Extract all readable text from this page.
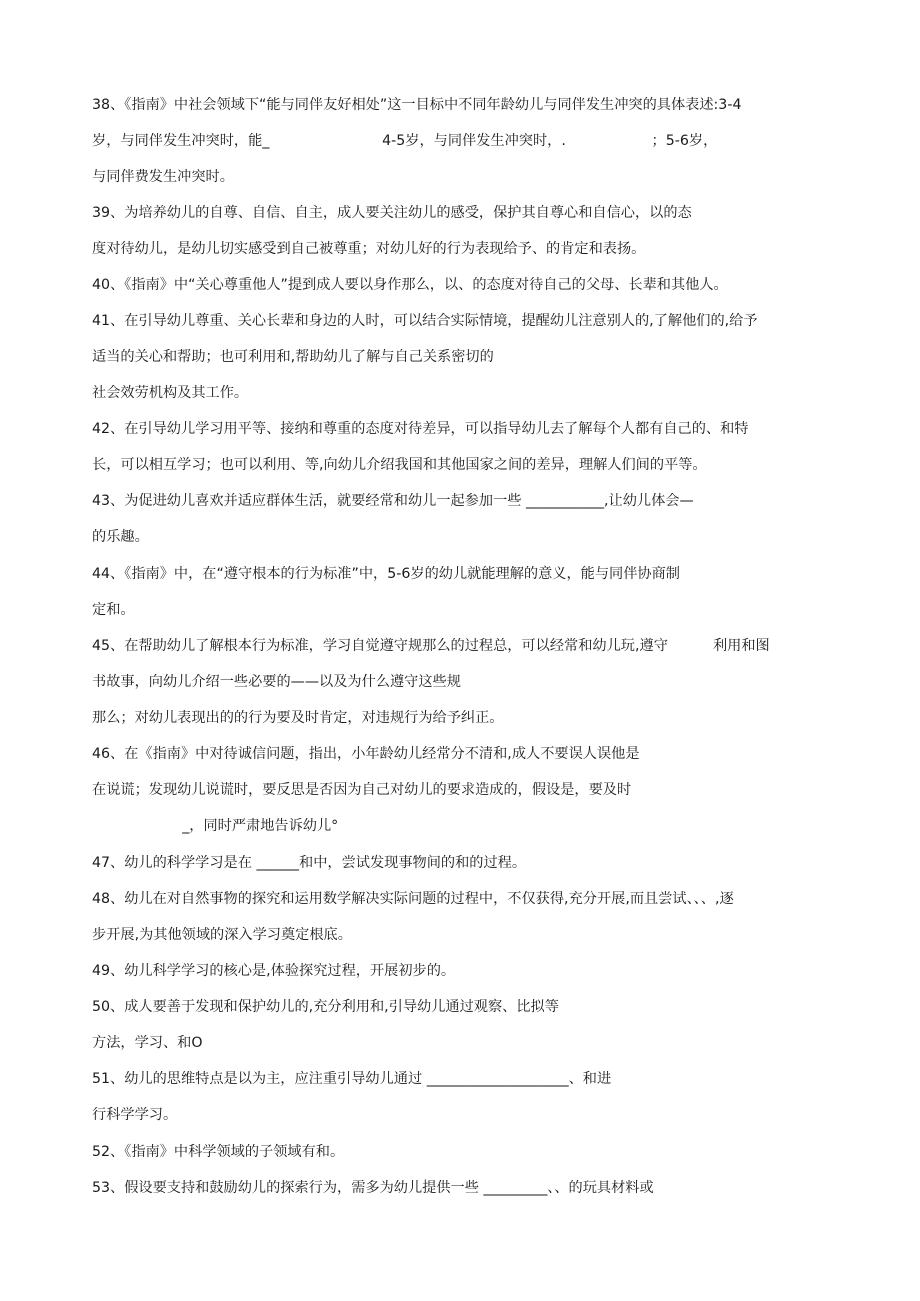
38、《指南》中社会领域下“能与同伴友好相处”这一目标中不同年龄幼儿与同伴发生冲突的具体表述:3-4
岁，与同伴发生冲突时，能_                         4-5岁，与同伴发生冲突时，.                   ；5-6岁，
与同伴费发生冲突时。
39、为培养幼儿的自尊、自信、自主，成人要关注幼儿的感受，保护其自尊心和自信心，以的态
度对待幼儿，是幼儿切实感受到自己被尊重；对幼儿好的行为表现给予、的肯定和表扬。
40、《指南》中“关心尊重他人”提到成人要以身作那么，以、的态度对待自己的父母、长辈和其他人。
41、在引导幼儿尊重、关心长辈和身边的人时，可以结合实际情境，提醒幼儿注意别人的,了解他们的,给予
适当的关心和帮助；也可利用和,帮助幼儿了解与自己关系密切的
社会效劳机构及其工作。
42、在引导幼儿学习用平等、接纳和尊重的态度对待差异，可以指导幼儿去了解每个人都有自己的、和特
长，可以相互学习；也可以利用、等,向幼儿介绍我国和其他国家之间的差异，理解人们间的平等。
43、为促进幼儿喜欢并适应群体生活，就要经常和幼儿一起参加一些 ___________,让幼儿体会—
的乐趣。
44、《指南》中，在“遵守根本的行为标准”中，5-6岁的幼儿就能理解的意义，能与同伴协商制
定和。
45、在帮助幼儿了解根本行为标准，学习自觉遵守规那么的过程总，可以经常和幼儿玩,遵守          利用和图
书故事，向幼儿介绍一些必要的——以及为什么遵守这些规
那么；对幼儿表现出的的行为要及时肯定，对违规行为给予纠正。
46、在《指南》中对待诚信问题，指出，小年龄幼儿经常分不清和,成人不要误人误他是
在说谎；发现幼儿说谎时，要反思是否因为自己对幼儿的要求造成的，假设是，要及时
_，同时严肃地告诉幼儿°
47、幼儿的科学学习是在 ______和中，尝试发现事物间的和的过程。
48、幼儿在对自然事物的探究和运用数学解决实际问题的过程中，不仅获得,充分开展,而且尝试、、、,逐
步开展,为其他领域的深入学习奠定根底。
49、幼儿科学学习的核心是,体验探究过程，开展初步的。
50、成人要善于发现和保护幼儿的,充分利用和,引导幼儿通过观察、比拟等
方法，学习、和O
51、幼儿的思维特点是以为主，应注重引导幼儿通过 ____________________、和进
行科学学习。
52、《指南》中科学领域的子领域有和。
53、假设要支持和鼓励幼儿的探索行为，需多为幼儿提供一些 _________、、的玩具材料或
